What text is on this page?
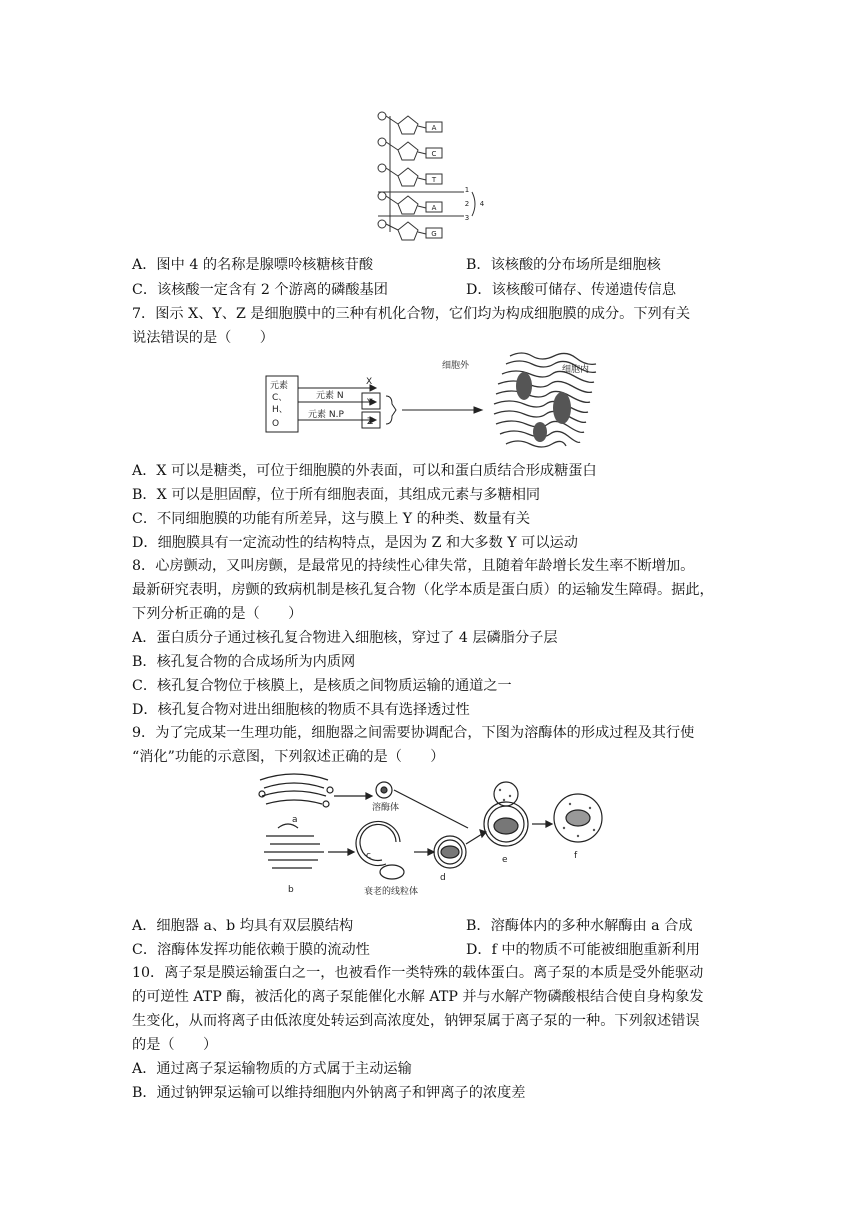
A
C
T
A
G
1
2
3
4
A．图中 4 的名称是腺嘌呤核糖核苷酸	B．该核酸的分布场所是细胞核
C．该核酸一定含有 2 个游离的磷酸基团	D．该核酸可储存、传递遗传信息
7．图示 X、Y、Z 是细胞膜中的三种有机化合物，它们均为构成细胞膜的成分。下列有关
说法错误的是（　　）
元素
C、
H、
O
元素 N
元素 N.P
X
Y
Z
细胞外	细胞内
A．X 可以是糖类，可位于细胞膜的外表面，可以和蛋白质结合形成糖蛋白
B．X 可以是胆固醇，位于所有细胞表面，其组成元素与多糖相同
C．不同细胞膜的功能有所差异，这与膜上 Y 的种类、数量有关
D．细胞膜具有一定流动性的结构特点，是因为 Z 和大多数 Y 可以运动
8．心房颤动，又叫房颤，是最常见的持续性心律失常，且随着年龄增长发生率不断增加。
最新研究表明，房颤的致病机制是核孔复合物（化学本质是蛋白质）的运输发生障碍。据此，
下列分析正确的是（　　）
A．蛋白质分子通过核孔复合物进入细胞核，穿过了 4 层磷脂分子层
B．核孔复合物的合成场所为内质网
C．核孔复合物位于核膜上，是核质之间物质运输的通道之一
D．核孔复合物对进出细胞核的物质不具有选择透过性
9．为了完成某一生理功能，细胞器之间需要协调配合，下图为溶酶体的形成过程及其行使
“消化”功能的示意图，下列叙述正确的是（　　）
a
b
c
d
e	f
溶酶体
衰老的线粒体
A．细胞器 a、b 均具有双层膜结构	B．溶酶体内的多种水解酶由 a 合成
C．溶酶体发挥功能依赖于膜的流动性	D．f 中的物质不可能被细胞重新利用
10．离子泵是膜运输蛋白之一，也被看作一类特殊的载体蛋白。离子泵的本质是受外能驱动
的可逆性 ATP 酶，被活化的离子泵能催化水解 ATP 并与水解产物磷酸根结合使自身构象发
生变化，从而将离子由低浓度处转运到高浓度处，钠钾泵属于离子泵的一种。下列叙述错误
的是（　　）
A．通过离子泵运输物质的方式属于主动运输
B．通过钠钾泵运输可以维持细胞内外钠离子和钾离子的浓度差
